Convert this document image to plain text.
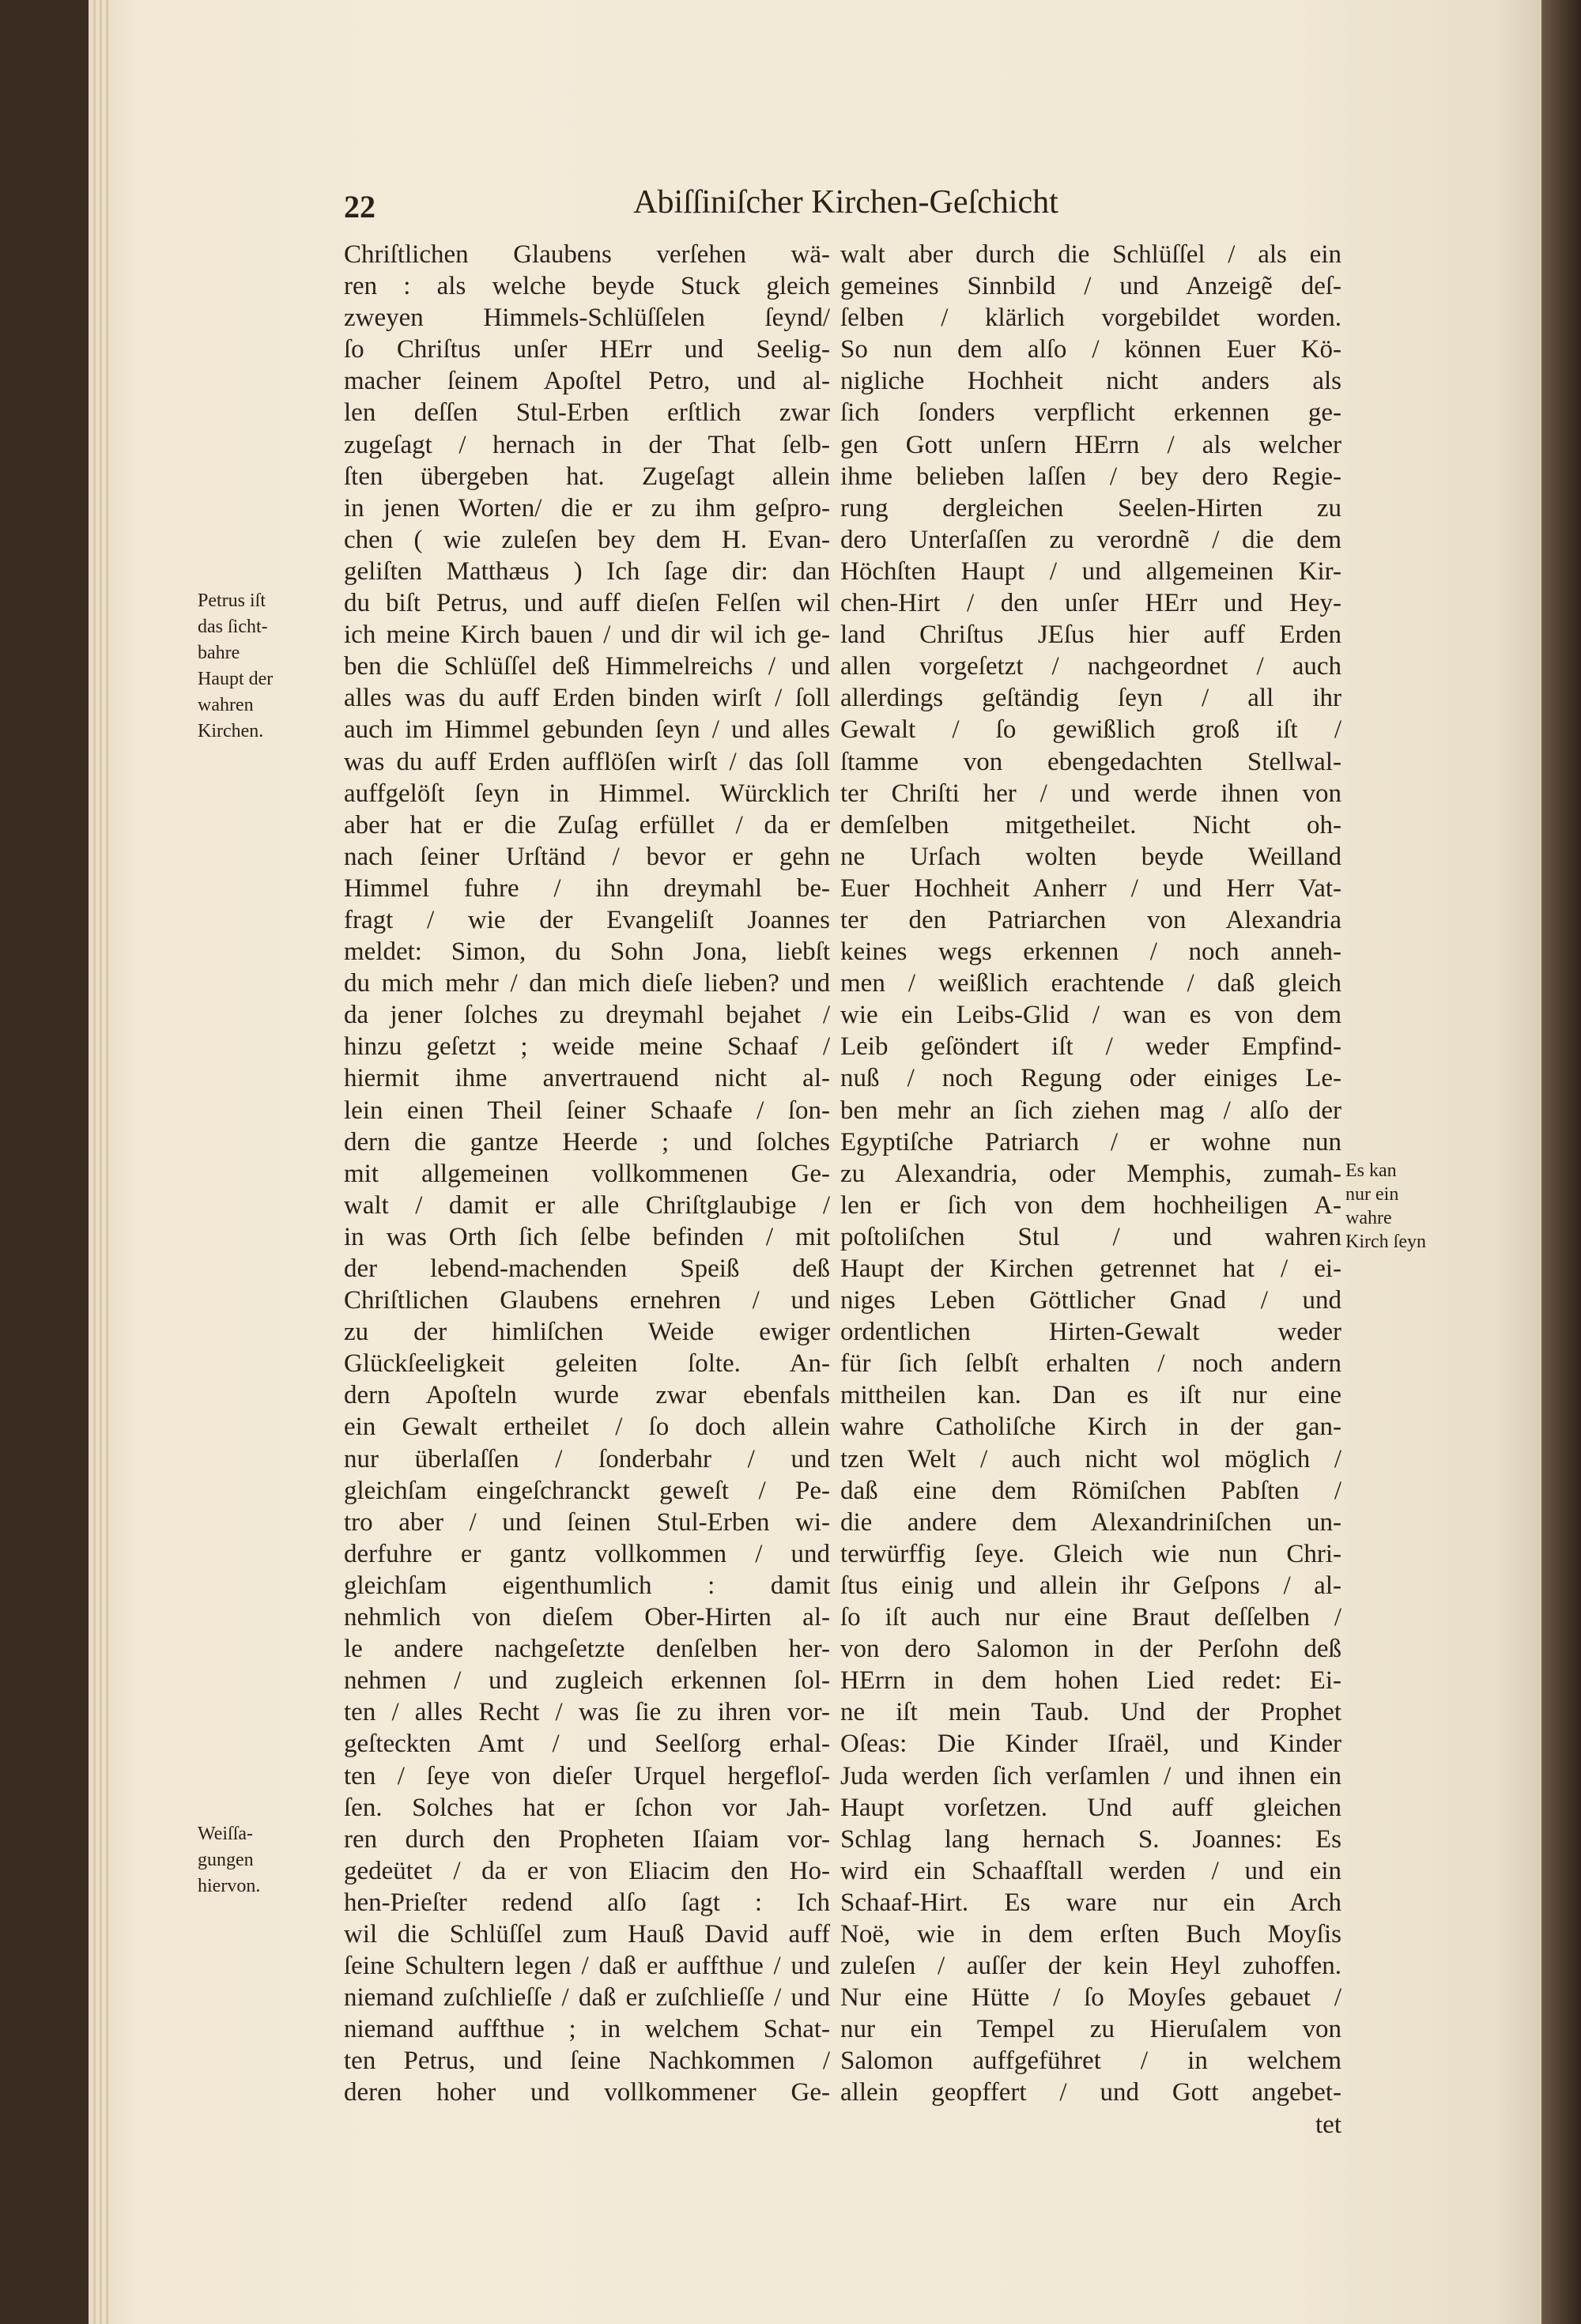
22	Abiſſiniſcher Kirchen-Geſchicht
Chriſtlichen Glaubens verſehen wä-
ren : als welche beyde Stuck gleich
zweyen Himmels-Schlüſſelen ſeynd/
ſo Chriſtus unſer HErr und Seelig-
macher ſeinem Apoſtel Petro, und al-
len deſſen Stul-Erben erſtlich zwar
zugeſagt / hernach in der That ſelb-
ſten übergeben hat. Zugeſagt allein
in jenen Worten/ die er zu ihm geſpro-
chen ( wie zuleſen bey dem H. Evan-
geliſten Matthæus ) Ich ſage dir: dan
du biſt Petrus, und auff dieſen Felſen wil
ich meine Kirch bauen / und dir wil ich ge-
ben die Schlüſſel deß Himmelreichs / und
alles was du auff Erden binden wirſt / ſoll
auch im Himmel gebunden ſeyn / und alles
was du auff Erden aufflöſen wirſt / das ſoll
auffgelöſt ſeyn in Himmel. Würcklich
aber hat er die Zuſag erfüllet / da er
nach ſeiner Urſtänd / bevor er gehn
Himmel fuhre / ihn dreymahl be-
fragt / wie der Evangeliſt Joannes
meldet: Simon, du Sohn Jona, liebſt
du mich mehr / dan mich dieſe lieben? und
da jener ſolches zu dreymahl bejahet /
hinzu geſetzt ; weide meine Schaaf /
hiermit ihme anvertrauend nicht al-
lein einen Theil ſeiner Schaafe / ſon-
dern die gantze Heerde ; und ſolches
mit allgemeinen vollkommenen Ge-
walt / damit er alle Chriſtglaubige /
in was Orth ſich ſelbe befinden / mit
der lebend-machenden Speiß deß
Chriſtlichen Glaubens ernehren / und
zu der himliſchen Weide ewiger
Glückſeeligkeit geleiten ſolte. An-
dern Apoſteln wurde zwar ebenfals
ein Gewalt ertheilet / ſo doch allein
nur überlaſſen / ſonderbahr / und
gleichſam eingeſchranckt geweſt / Pe-
tro aber / und ſeinen Stul-Erben wi-
derfuhre er gantz vollkommen / und
gleichſam eigenthumlich : damit
nehmlich von dieſem Ober-Hirten al-
le andere nachgeſetzte denſelben her-
nehmen / und zugleich erkennen ſol-
ten / alles Recht / was ſie zu ihren vor-
geſteckten Amt / und Seelſorg erhal-
ten / ſeye von dieſer Urquel hergefloſ-
ſen. Solches hat er ſchon vor Jah-
ren durch den Propheten Iſaiam vor-
gedeütet / da er von Eliacim den Ho-
hen-Prieſter redend alſo ſagt : Ich
wil die Schlüſſel zum Hauß David auff
ſeine Schultern legen / daß er auffthue / und
niemand zuſchlieſſe / daß er zuſchlieſſe / und
niemand auffthue ; in welchem Schat-
ten Petrus, und ſeine Nachkommen /
deren hoher und vollkommener Ge-
walt aber durch die Schlüſſel / als ein
gemeines Sinnbild / und Anzeigẽ deſ-
ſelben / klärlich vorgebildet worden.
So nun dem alſo / können Euer Kö-
nigliche Hochheit nicht anders als
ſich ſonders verpflicht erkennen ge-
gen Gott unſern HErrn / als welcher
ihme belieben laſſen / bey dero Regie-
rung dergleichen Seelen-Hirten zu
dero Unterſaſſen zu verordnẽ / die dem
Höchſten Haupt / und allgemeinen Kir-
chen-Hirt / den unſer HErr und Hey-
land Chriſtus JEſus hier auff Erden
allen vorgeſetzt / nachgeordnet / auch
allerdings geſtändig ſeyn / all ihr
Gewalt / ſo gewißlich groß iſt /
ſtamme von ebengedachten Stellwal-
ter Chriſti her / und werde ihnen von
demſelben mitgetheilet. Nicht oh-
ne Urſach wolten beyde Weilland
Euer Hochheit Anherr / und Herr Vat-
ter den Patriarchen von Alexandria
keines wegs erkennen / noch anneh-
men / weißlich erachtende / daß gleich
wie ein Leibs-Glid / wan es von dem
Leib geſöndert iſt / weder Empfind-
nuß / noch Regung oder einiges Le-
ben mehr an ſich ziehen mag / alſo der
Egyptiſche Patriarch / er wohne nun
zu Alexandria, oder Memphis, zumah-
len er ſich von dem hochheiligen A-
poſtoliſchen Stul / und wahren
Haupt der Kirchen getrennet hat / ei-
niges Leben Göttlicher Gnad / und
ordentlichen Hirten-Gewalt weder
für ſich ſelbſt erhalten / noch andern
mittheilen kan. Dan es iſt nur eine
wahre Catholiſche Kirch in der gan-
tzen Welt / auch nicht wol möglich /
daß eine dem Römiſchen Pabſten /
die andere dem Alexandriniſchen un-
terwürffig ſeye. Gleich wie nun Chri-
ſtus einig und allein ihr Geſpons / al-
ſo iſt auch nur eine Braut deſſelben /
von dero Salomon in der Perſohn deß
HErrn in dem hohen Lied redet: Ei-
ne iſt mein Taub. Und der Prophet
Oſeas: Die Kinder Iſraël, und Kinder
Juda werden ſich verſamlen / und ihnen ein
Haupt vorſetzen. Und auff gleichen
Schlag lang hernach S. Joannes: Es
wird ein Schaafſtall werden / und ein
Schaaf-Hirt. Es ware nur ein Arch
Noë, wie in dem erſten Buch Moyſis
zuleſen / auſſer der kein Heyl zuhoffen.
Nur eine Hütte / ſo Moyſes gebauet /
nur ein Tempel zu Hieruſalem von
Salomon auffgeführet / in welchem
allein geopffert / und Gott angebet-
tet
Petrus iſt
das ſicht-
bahre
Haupt der
wahren
Kirchen.
Weiſſa-
gungen
hiervon.
Es kan
nur ein
wahre
Kirch ſeyn
